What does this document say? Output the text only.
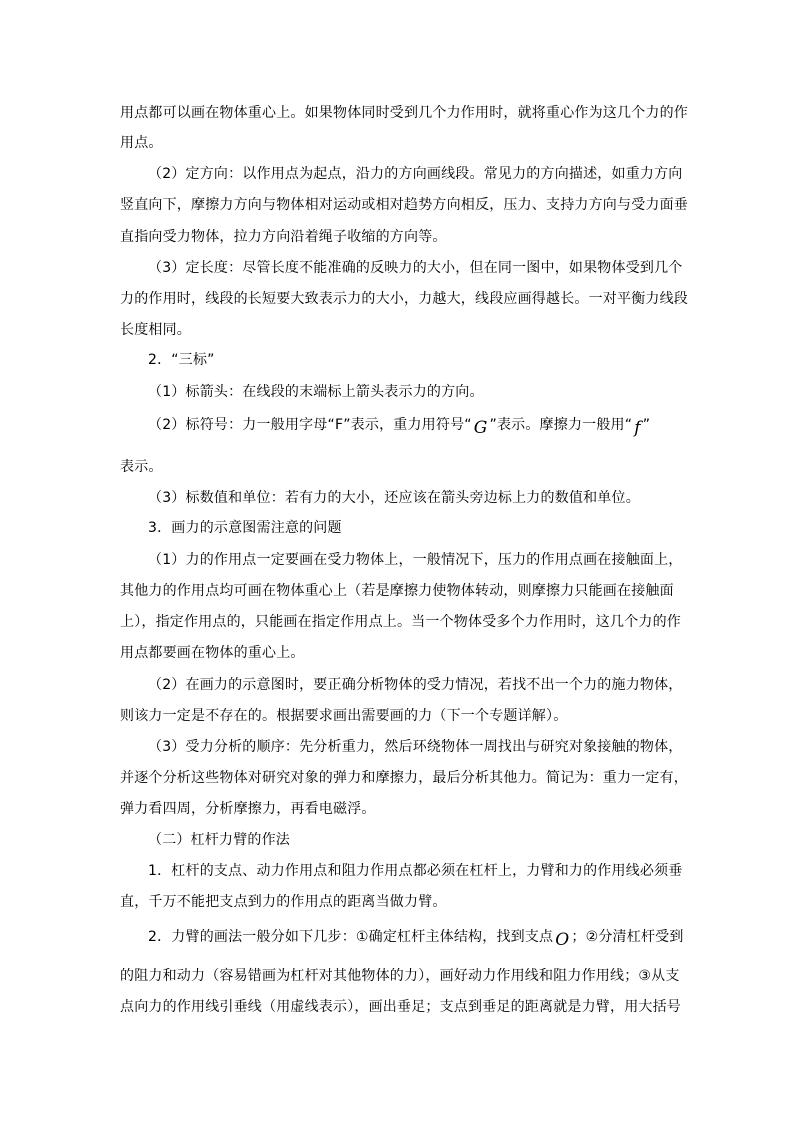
用点都可以画在物体重心上。如果物体同时受到几个力作用时，就将重心作为这几个力的作
用点。
（2）定方向：以作用点为起点，沿力的方向画线段。常见力的方向描述，如重力方向
竖直向下，摩擦力方向与物体相对运动或相对趋势方向相反，压力、支持力方向与受力面垂
直指向受力物体，拉力方向沿着绳子收缩的方向等。
（3）定长度：尽管长度不能准确的反映力的大小，但在同一图中，如果物体受到几个
力的作用时，线段的长短要大致表示力的大小，力越大，线段应画得越长。一对平衡力线段
长度相同。
2．“三标”
（1）标箭头：在线段的末端标上箭头表示力的方向。
（2）标符号：力一般用字母“F”表示，重力用符号“ G ”表示。摩擦力一般用“ f ”
表示。
（3）标数值和单位：若有力的大小，还应该在箭头旁边标上力的数值和单位。
3．画力的示意图需注意的问题
（1）力的作用点一定要画在受力物体上，一般情况下，压力的作用点画在接触面上，
其他力的作用点均可画在物体重心上（若是摩擦力使物体转动，则摩擦力只能画在接触面
上），指定作用点的，只能画在指定作用点上。当一个物体受多个力作用时，这几个力的作
用点都要画在物体的重心上。
（2）在画力的示意图时，要正确分析物体的受力情况，若找不出一个力的施力物体，
则该力一定是不存在的。根据要求画出需要画的力（下一个专题详解）。
（3）受力分析的顺序：先分析重力，然后环绕物体一周找出与研究对象接触的物体，
并逐个分析这些物体对研究对象的弹力和摩擦力，最后分析其他力。简记为：重力一定有，
弹力看四周，分析摩擦力，再看电磁浮。
（二）杠杆力臂的作法
1．杠杆的支点、动力作用点和阻力作用点都必须在杠杆上，力臂和力的作用线必须垂
直，千万不能把支点到力的作用点的距离当做力臂。
2．力臂的画法一般分如下几步：①确定杠杆主体结构，找到支点 O ；②分清杠杆受到
的阻力和动力（容易错画为杠杆对其他物体的力），画好动力作用线和阻力作用线；③从支
点向力的作用线引垂线（用虚线表示），画出垂足；支点到垂足的距离就是力臂，用大括号
